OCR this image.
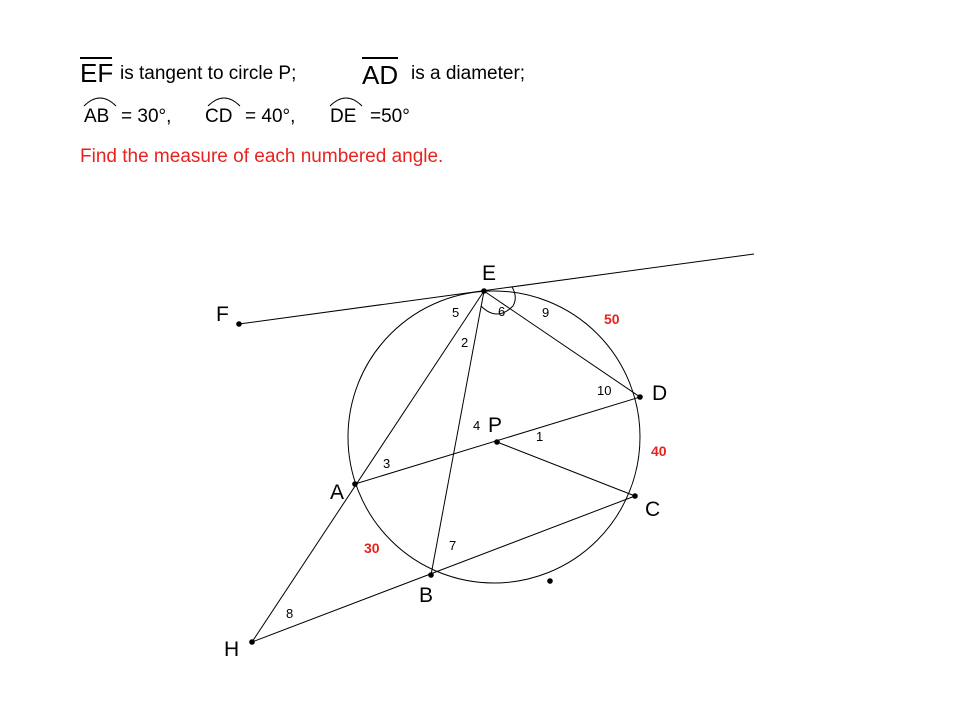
EF is tangent to circle P;	AD is a diameter;
AB = 30°, CD = 40°, DE =50°
Find the measure of each numbered angle.
E
F
D
P
A
C
B
H
1
2
3
4
5	6
7
8
9
10
50
40
30
